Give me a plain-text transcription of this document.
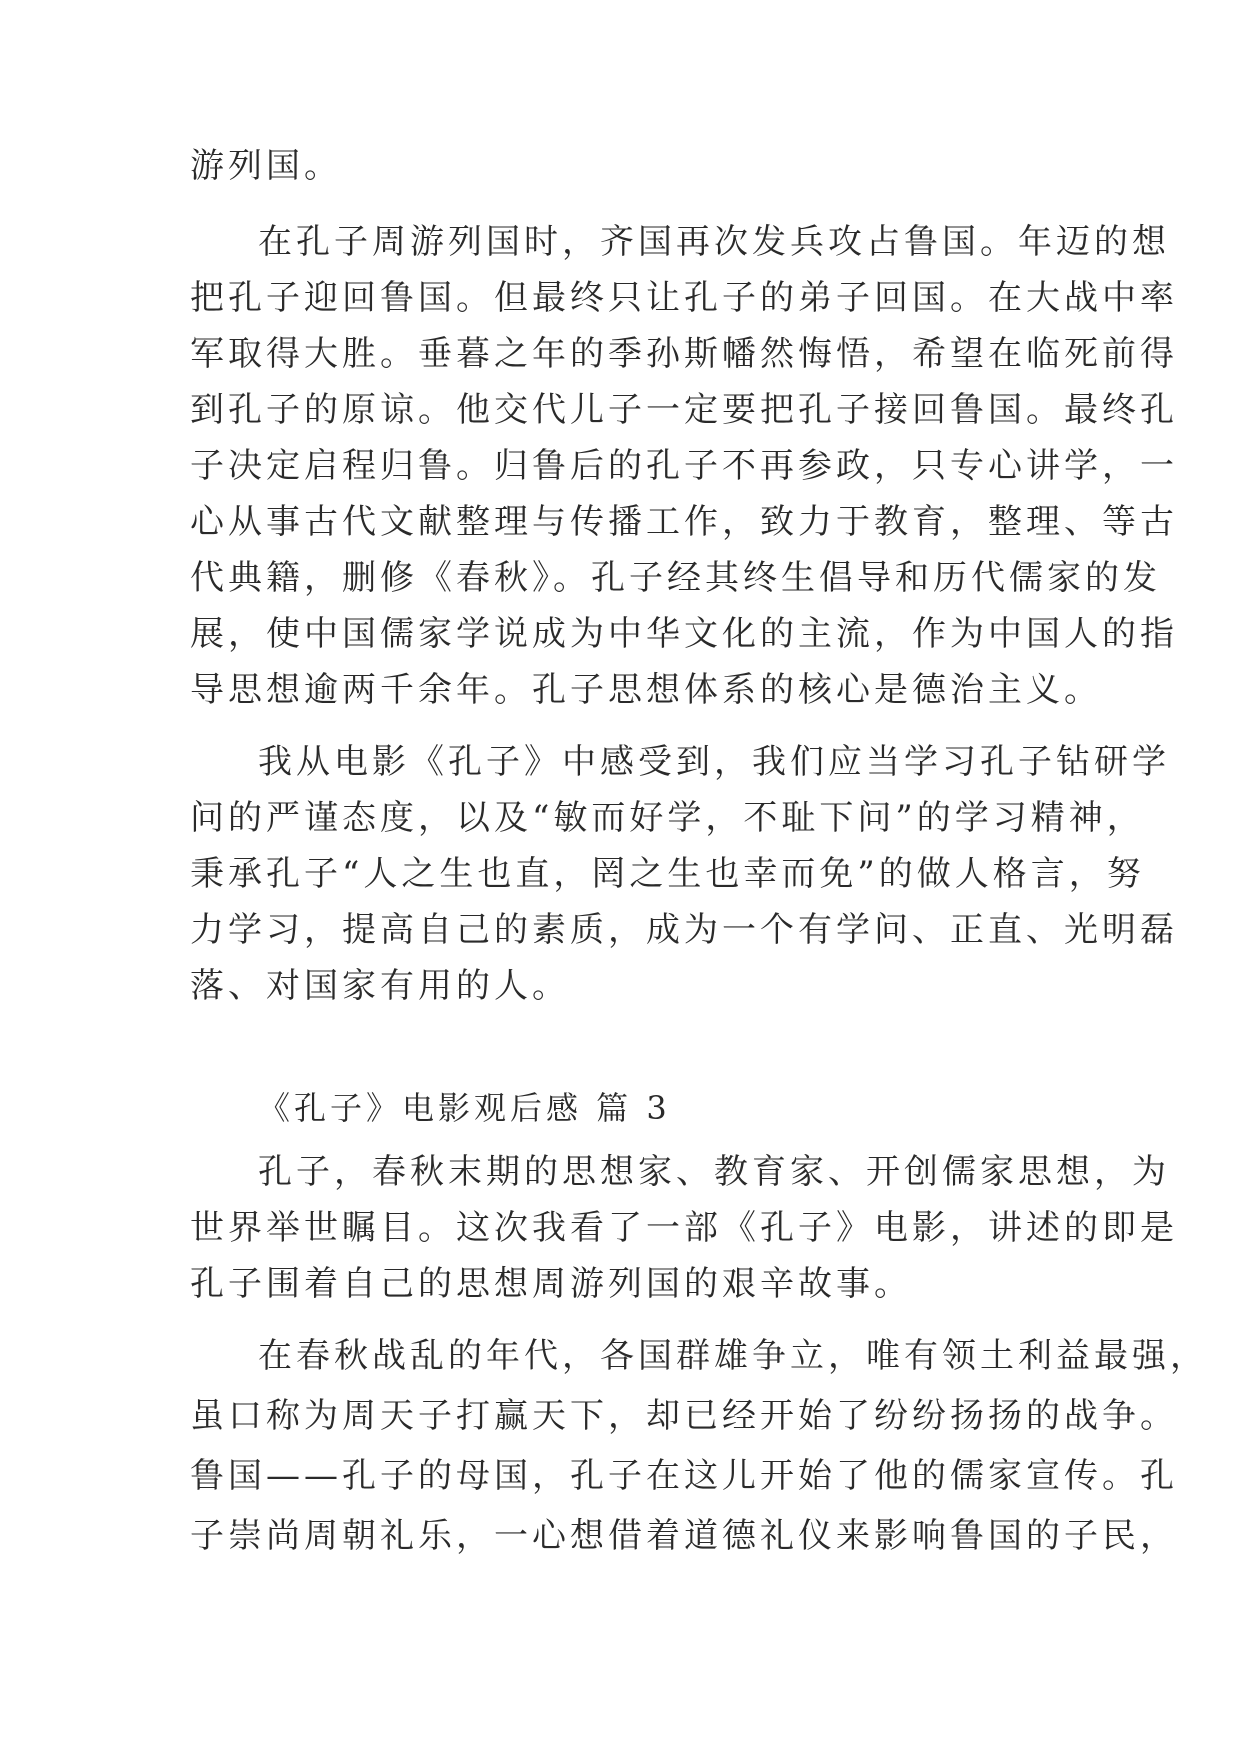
游列国。
在孔子周游列国时，齐国再次发兵攻占鲁国。年迈的想
把孔子迎回鲁国。但最终只让孔子的弟子回国。在大战中率
军取得大胜。垂暮之年的季孙斯幡然悔悟，希望在临死前得
到孔子的原谅。他交代儿子一定要把孔子接回鲁国。最终孔
子决定启程归鲁。归鲁后的孔子不再参政，只专心讲学，一
心从事古代文献整理与传播工作，致力于教育，整理、等古
代典籍，删修《春秋》。孔子经其终生倡导和历代儒家的发
展，使中国儒家学说成为中华文化的主流，作为中国人的指
导思想逾两千余年。孔子思想体系的核心是德治主义。
我从电影《孔子》中感受到，我们应当学习孔子钻研学
问的严谨态度，以及“敏而好学，不耻下问”的学习精神，
秉承孔子“人之生也直，罔之生也幸而免”的做人格言，努
力学习，提高自己的素质，成为一个有学问、正直、光明磊
落、对国家有用的人。
《孔子》电影观后感 篇 3
孔子，春秋末期的思想家、教育家、开创儒家思想，为
世界举世瞩目。这次我看了一部《孔子》电影，讲述的即是
孔子围着自己的思想周游列国的艰辛故事。
在春秋战乱的年代，各国群雄争立，唯有领土利益最强，
虽口称为周天子打赢天下，却已经开始了纷纷扬扬的战争。
鲁国——孔子的母国，孔子在这儿开始了他的儒家宣传。孔
子崇尚周朝礼乐，一心想借着道德礼仪来影响鲁国的子民，
